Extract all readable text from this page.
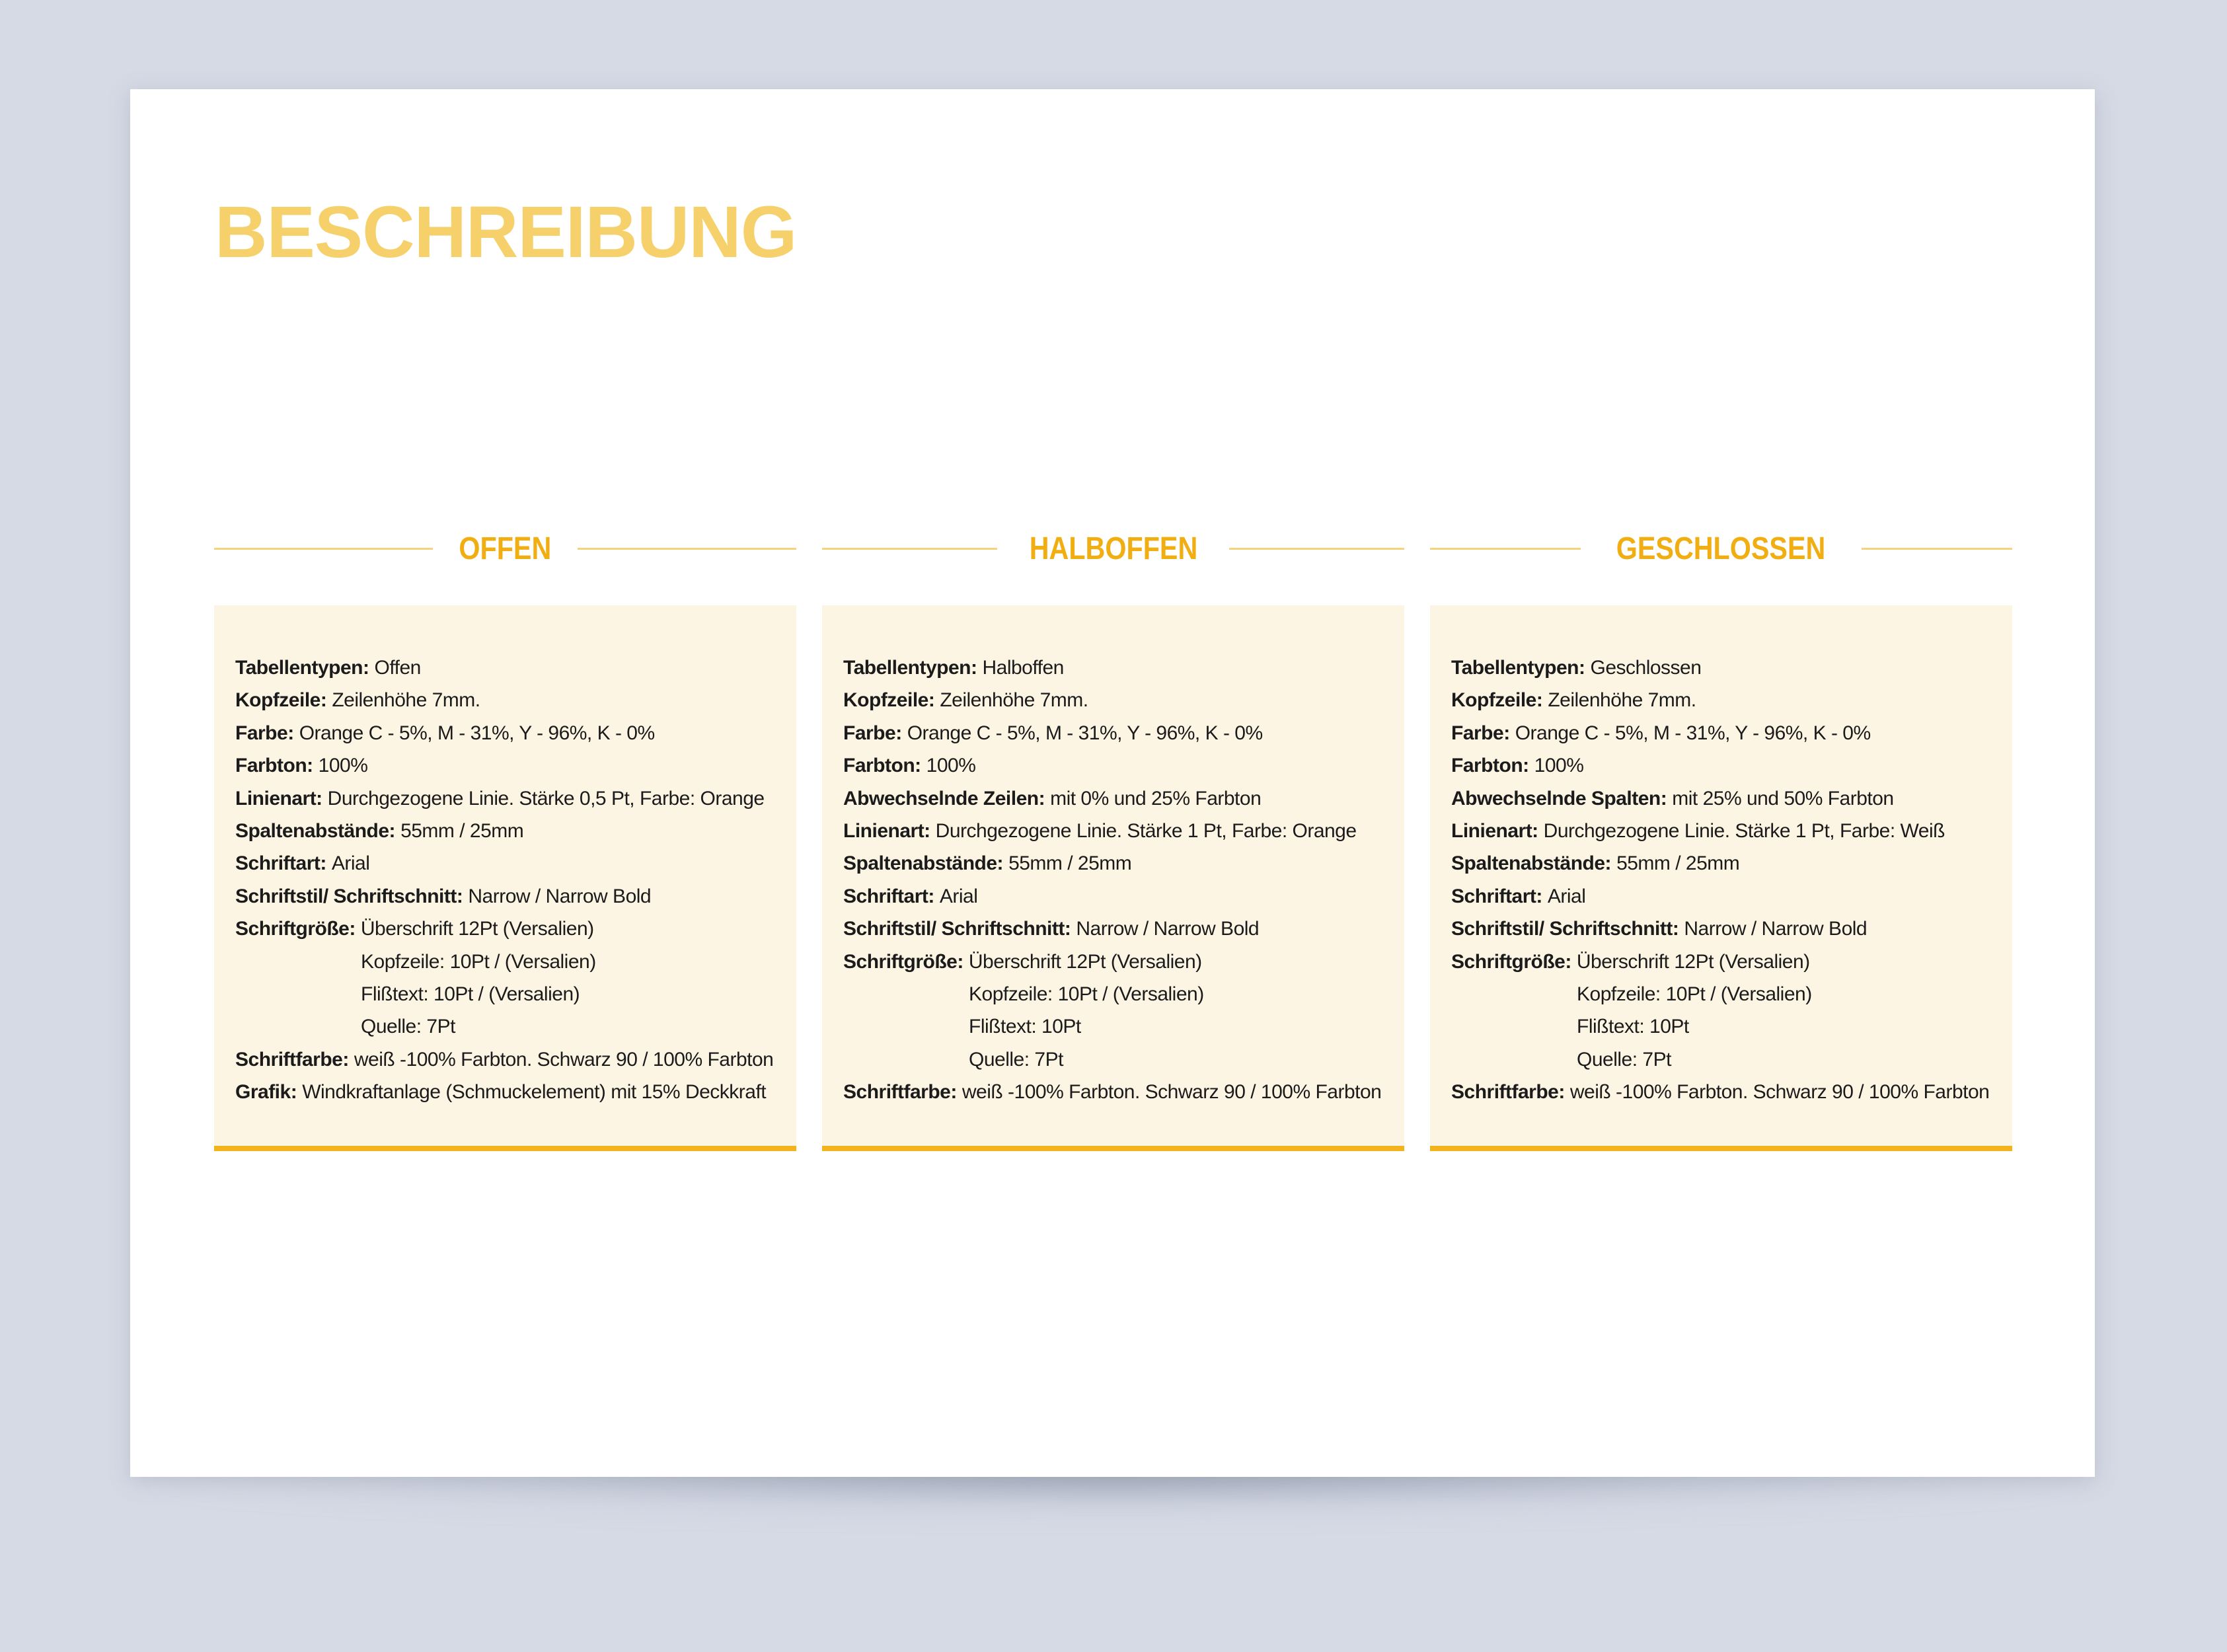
BESCHREIBUNG
OFFEN
Tabellentypen: Offen
Kopfzeile: Zeilenhöhe 7mm.
Farbe: Orange C - 5%, M - 31%, Y - 96%, K - 0%
Farbton: 100%
Linienart: Durchgezogene Linie. Stärke 0,5 Pt, Farbe: Orange
Spaltenabstände: 55mm / 25mm
Schriftart: Arial
Schriftstil/ Schriftschnitt: Narrow / Narrow Bold
Schriftgröße: Überschrift 12Pt (Versalien)
Kopfzeile: 10Pt / (Versalien)
Flißtext: 10Pt / (Versalien)
Quelle: 7Pt
Schriftfarbe: weiß -100% Farbton. Schwarz 90 / 100% Farbton
Grafik: Windkraftanlage (Schmuckelement) mit 15% Deckkraft
HALBOFFEN
Tabellentypen: Halboffen
Kopfzeile: Zeilenhöhe 7mm.
Farbe: Orange C - 5%, M - 31%, Y - 96%, K - 0%
Farbton: 100%
Abwechselnde Zeilen: mit 0% und 25% Farbton
Linienart: Durchgezogene Linie. Stärke 1 Pt, Farbe: Orange
Spaltenabstände: 55mm / 25mm
Schriftart: Arial
Schriftstil/ Schriftschnitt: Narrow / Narrow Bold
Schriftgröße: Überschrift 12Pt (Versalien)
Kopfzeile: 10Pt / (Versalien)
Flißtext: 10Pt
Quelle: 7Pt
Schriftfarbe: weiß -100% Farbton. Schwarz 90 / 100% Farbton
GESCHLOSSEN
Tabellentypen: Geschlossen
Kopfzeile: Zeilenhöhe 7mm.
Farbe: Orange C - 5%, M - 31%, Y - 96%, K - 0%
Farbton: 100%
Abwechselnde Spalten: mit 25% und 50% Farbton
Linienart: Durchgezogene Linie. Stärke 1 Pt, Farbe: Weiß
Spaltenabstände: 55mm / 25mm
Schriftart: Arial
Schriftstil/ Schriftschnitt: Narrow / Narrow Bold
Schriftgröße: Überschrift 12Pt (Versalien)
Kopfzeile: 10Pt / (Versalien)
Flißtext: 10Pt
Quelle: 7Pt
Schriftfarbe: weiß -100% Farbton. Schwarz 90 / 100% Farbton
